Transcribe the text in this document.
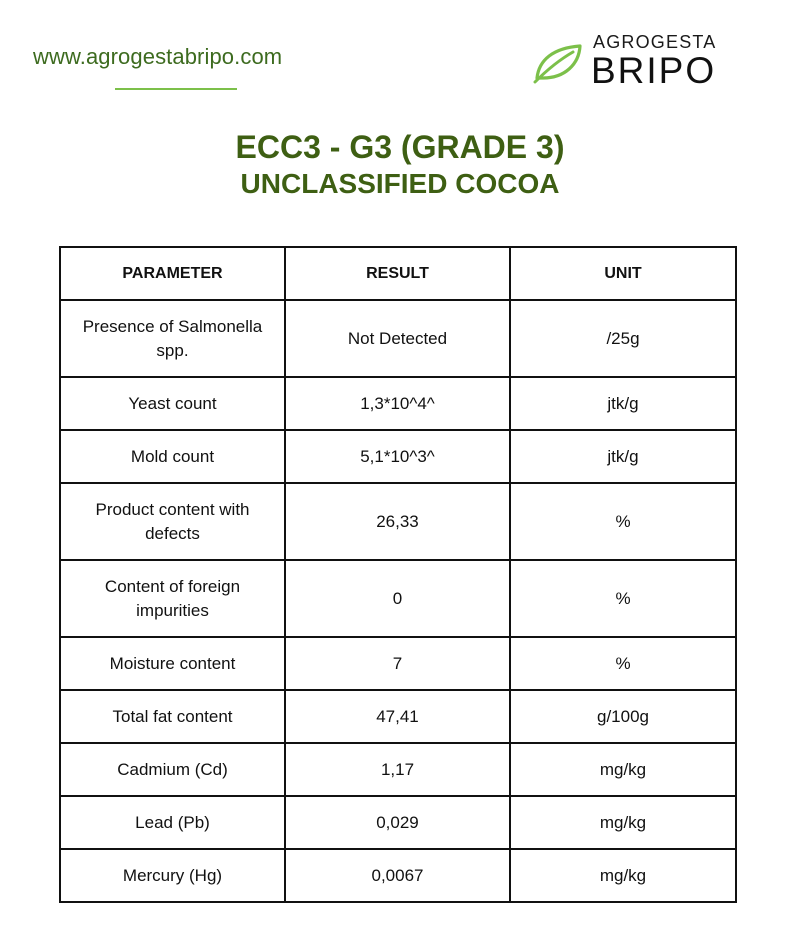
www.agrogestabripo.com
AGROGESTA
BRIPO
ECC3 - G3 (GRADE 3)
UNCLASSIFIED COCOA
PARAMETER	RESULT	UNIT
Presence of Salmonella spp.	Not Detected	/25g
Yeast count	1,3*10^4^	jtk/g
Mold count	5,1*10^3^	jtk/g
Product content with defects	26,33	%
Content of foreign impurities	0	%
Moisture content	7	%
Total fat content	47,41	g/100g
Cadmium (Cd)	1,17	mg/kg
Lead (Pb)	0,029	mg/kg
Mercury (Hg)	0,0067	mg/kg
